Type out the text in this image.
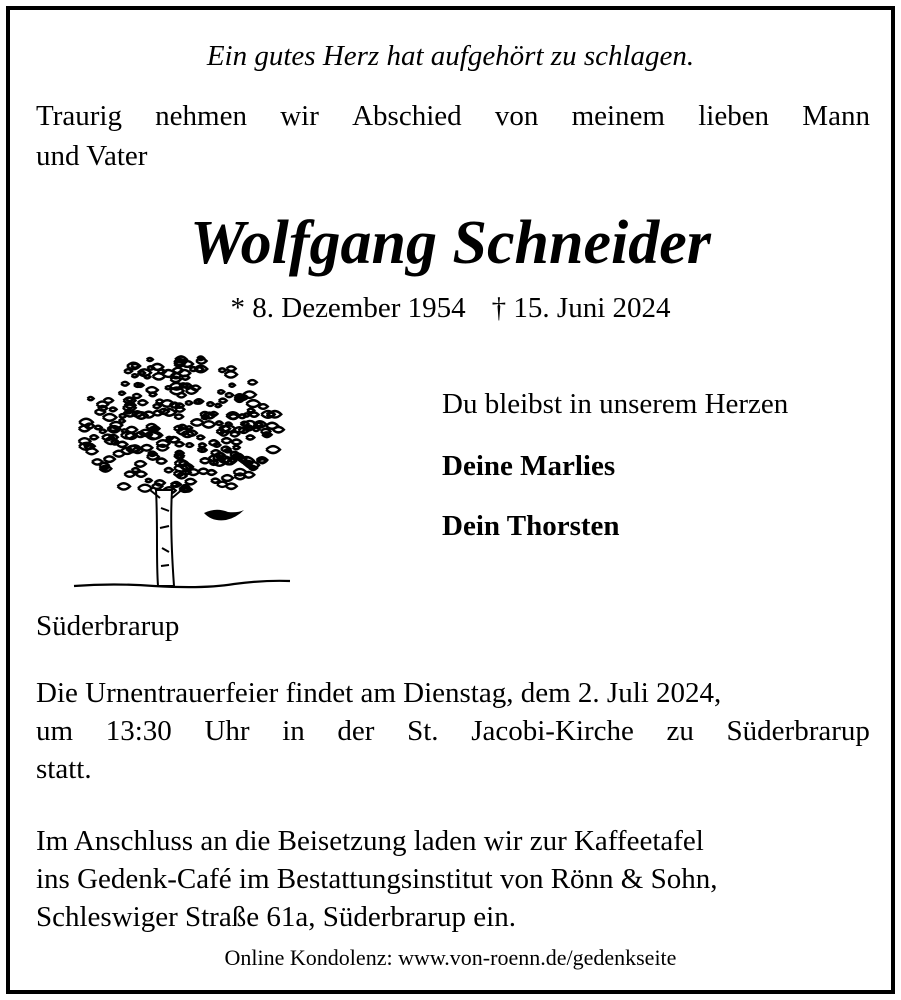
Ein gutes Herz hat aufgehört zu schlagen.
Traurig nehmen wir Abschied von meinem lieben Mann
und Vater
Wolfgang Schneider
* 8. Dezember 1954 † 15. Juni 2024
Du bleibst in unserem Herzen
Deine Marlies
Dein Thorsten
Süderbrarup
Die Urnentrauerfeier findet am Dienstag, dem 2. Juli 2024,
um 13:30 Uhr in der St. Jacobi-Kirche zu Süderbrarup
statt.
Im Anschluss an die Beisetzung laden wir zur Kaffeetafel
ins Gedenk-Café im Bestattungsinstitut von Rönn & Sohn,
Schleswiger Straße 61a, Süderbrarup ein.
Online Kondolenz: www.von-roenn.de/gedenkseite
